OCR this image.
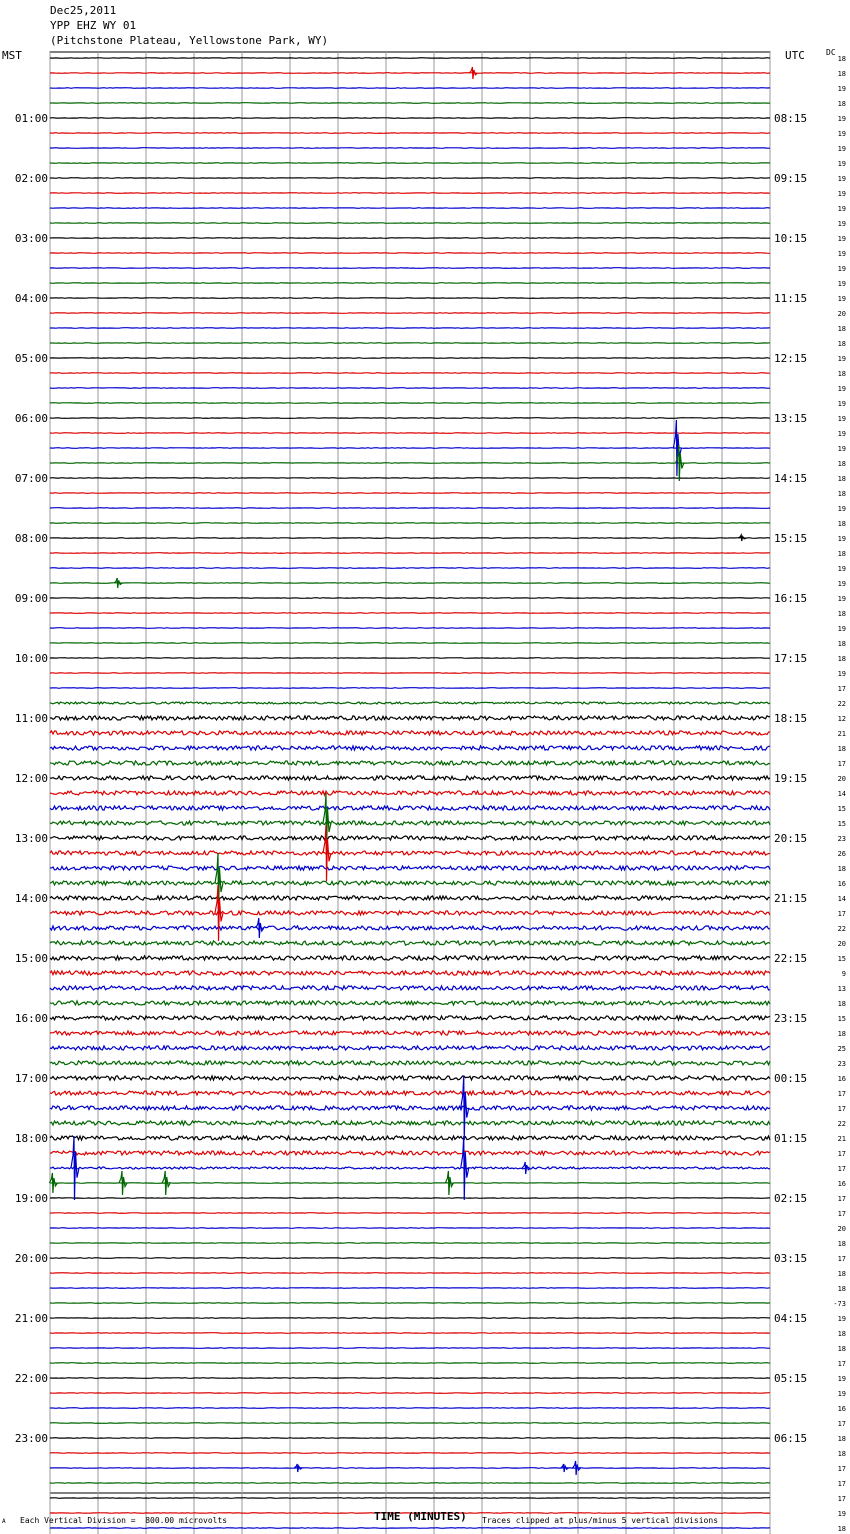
01:00
02:00
03:00
04:00
05:00
06:00
07:00
08:00
09:00
10:00
11:00
12:00
13:00
14:00
15:00
16:00
17:00
18:00
19:00
20:00
21:00
22:00
23:00
08:15
09:15
10:15
11:15
12:15
13:15
14:15
15:15
16:15
17:15
18:15
19:15
20:15
21:15
22:15
23:15
00:15
01:15
02:15
03:15
04:15
05:15
06:15
18
18
19
18
19
19
19
19
19
19
19
19
19
19
19
19
19
20
18
18
19
18
19
19
19
19
19
18
18
18
19
18
19
18
19
19
19
18
19
18
18
19
17
22
12
21
18
17
20
14
15
15
23
26
18
16
14
17
22
20
15
9
13
18
15
18
25
23
16
17
17
22
21
17
17
16
17
17
20
18
17
18
18
-73
19
18
18
17
19
19
16
17
18
18
17
17
17
19
18
Dec25,2011
YPP EHZ WY 01
(Pitchstone Plateau, Yellowstone Park, WY)
MST	UTC	DC
TIME (MINUTES)
Each Vertical Division =  800.00 microvolts	Traces clipped at plus/minus 5 vertical divisions
A
